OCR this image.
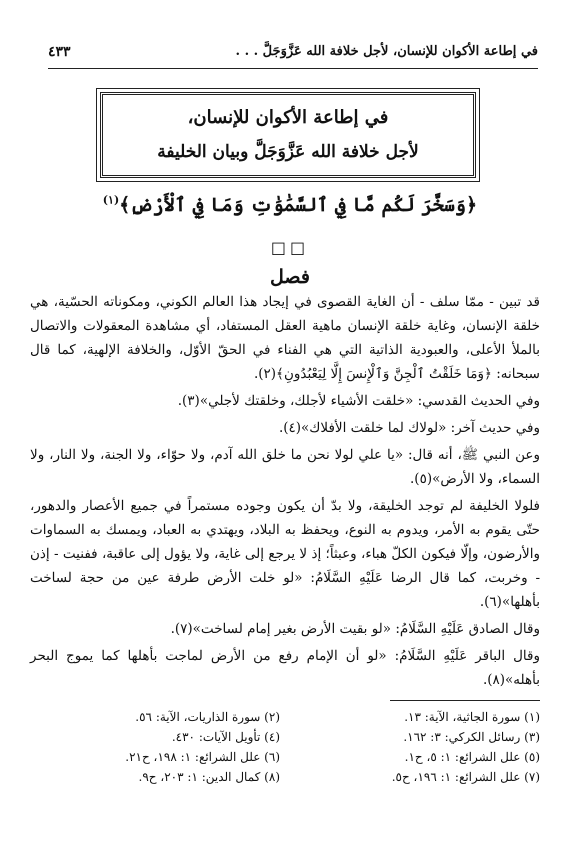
في إطاعة الأكوان للإنسان، لأجل خلافة الله عَزَّوَجَلَّ . . .
٤٣٣
في إطاعة الأكوان للإنسان،
لأجل خلافة الله عَزَّوَجَلَّ وبيان الخليفة
﴿وَسَخَّرَ لَكُم مَّا فِي ٱلسَّمَٰوَٰتِ وَمَا فِي ٱلْأَرْضِ﴾$^{(١)}$
□□
فصل

قد تبين - ممّا سلف - أن الغاية القصوى في إيجاد هذا العالم الكوني، ومكوناته الحسّية، هي خلقة الإنسان، وغاية خلقة الإنسان ماهية العقل المستفاد، أي مشاهدة المعقولات والاتصال بالملأ الأعلى، والعبودية الذاتية التي هي الفناء في الحقّ الأوّل، والخلافة الإلهية، كما قال سبحانه: ﴿وَمَا خَلَقْتُ ٱلْجِنَّ وَٱلْإِنسَ إِلَّا لِيَعْبُدُونِ﴾(٢).

وفي الحديث القدسي: «خلقت الأشياء لأجلك، وخلقتك لأجلي»(٣).

وفي حديث آخر: «لولاك لما خلقت الأفلاك»(٤).

وعن النبي ﷺ، أنه قال: «يا علي لولا نحن ما خلق الله آدم، ولا حوّاء، ولا الجنة، ولا النار، ولا السماء، ولا الأرض»(٥).

فلولا الخليفة لم توجد الخليقة، ولا بدّ أن يكون وجوده مستمراً في جميع الأعصار والدهور، حتّى يقوم به الأمر، ويدوم به النوع، ويحفظ به البلاد، ويهتدي به العباد، ويمسك به السماوات والأرضون، وإلّا فيكون الكلّ هباء، وعبثاً؛ إذ لا يرجع إلى غاية، ولا يؤول إلى عاقبة، ففنيت - إذن - وخربت، كما قال الرضا عَلَيْهِ السَّلَامُ: «لو خلت الأرض طرفة عين من حجة لساخت بأهلها»(٦).

وقال الصادق عَلَيْهِ السَّلَامُ: «لو بقيت الأرض بغير إمام لساخت»(٧).

وقال الباقر عَلَيْهِ السَّلَامُ: «لو أن الإمام رفع من الأرض لماجت بأهلها كما يموج البحر بأهله»(٨).

(١) سورة الجاثية، الآية: ١٣.
(٣) رسائل الكركي: ٣: ١٦٢.
(٥) علل الشرائع: ١: ٥، ح١.
(٧) علل الشرائع: ١: ١٩٦، ح٥.
(٢) سورة الذاريات، الآية: ٥٦.
(٤) تأويل الآيات: ٤٣٠.
(٦) علل الشرائع: ١: ١٩٨، ح٢١.
(٨) كمال الدين: ١: ٢٠٣، ح٩.
